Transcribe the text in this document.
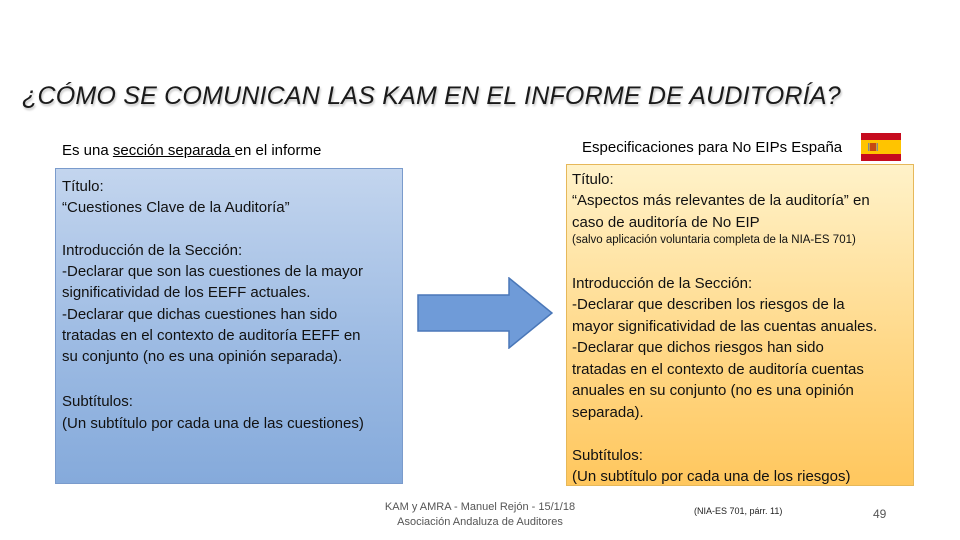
¿CÓMO SE COMUNICAN LAS KAM EN EL INFORME DE AUDITORÍA?
Es una sección separada en el informe	Especificaciones para No EIPs España
Título:
“Cuestiones Clave de la Auditoría”
Introducción de la Sección:
-Declarar que son las cuestiones de la mayor
significatividad de los EEFF actuales.
-Declarar que dichas cuestiones han sido
tratadas en el contexto de auditoría EEFF en
su conjunto (no es una opinión separada).
Subtítulos:
(Un subtítulo por cada una de las cuestiones)
Título:
“Aspectos más relevantes de la auditoría” en
caso de auditoría de No EIP
(salvo aplicación voluntaria completa de la NIA-ES 701)
Introducción de la Sección:
-Declarar que describen los riesgos de la
mayor significatividad de las cuentas anuales.
-Declarar que dichos riesgos han sido
tratadas en el contexto de auditoría cuentas
anuales en su conjunto (no es una opinión
separada).
Subtítulos:
(Un subtítulo por cada una de los riesgos)
KAM y AMRA - Manuel Rejón - 15/1/18
Asociación Andaluza de Auditores
(NIA-ES 701, párr. 11)	49
